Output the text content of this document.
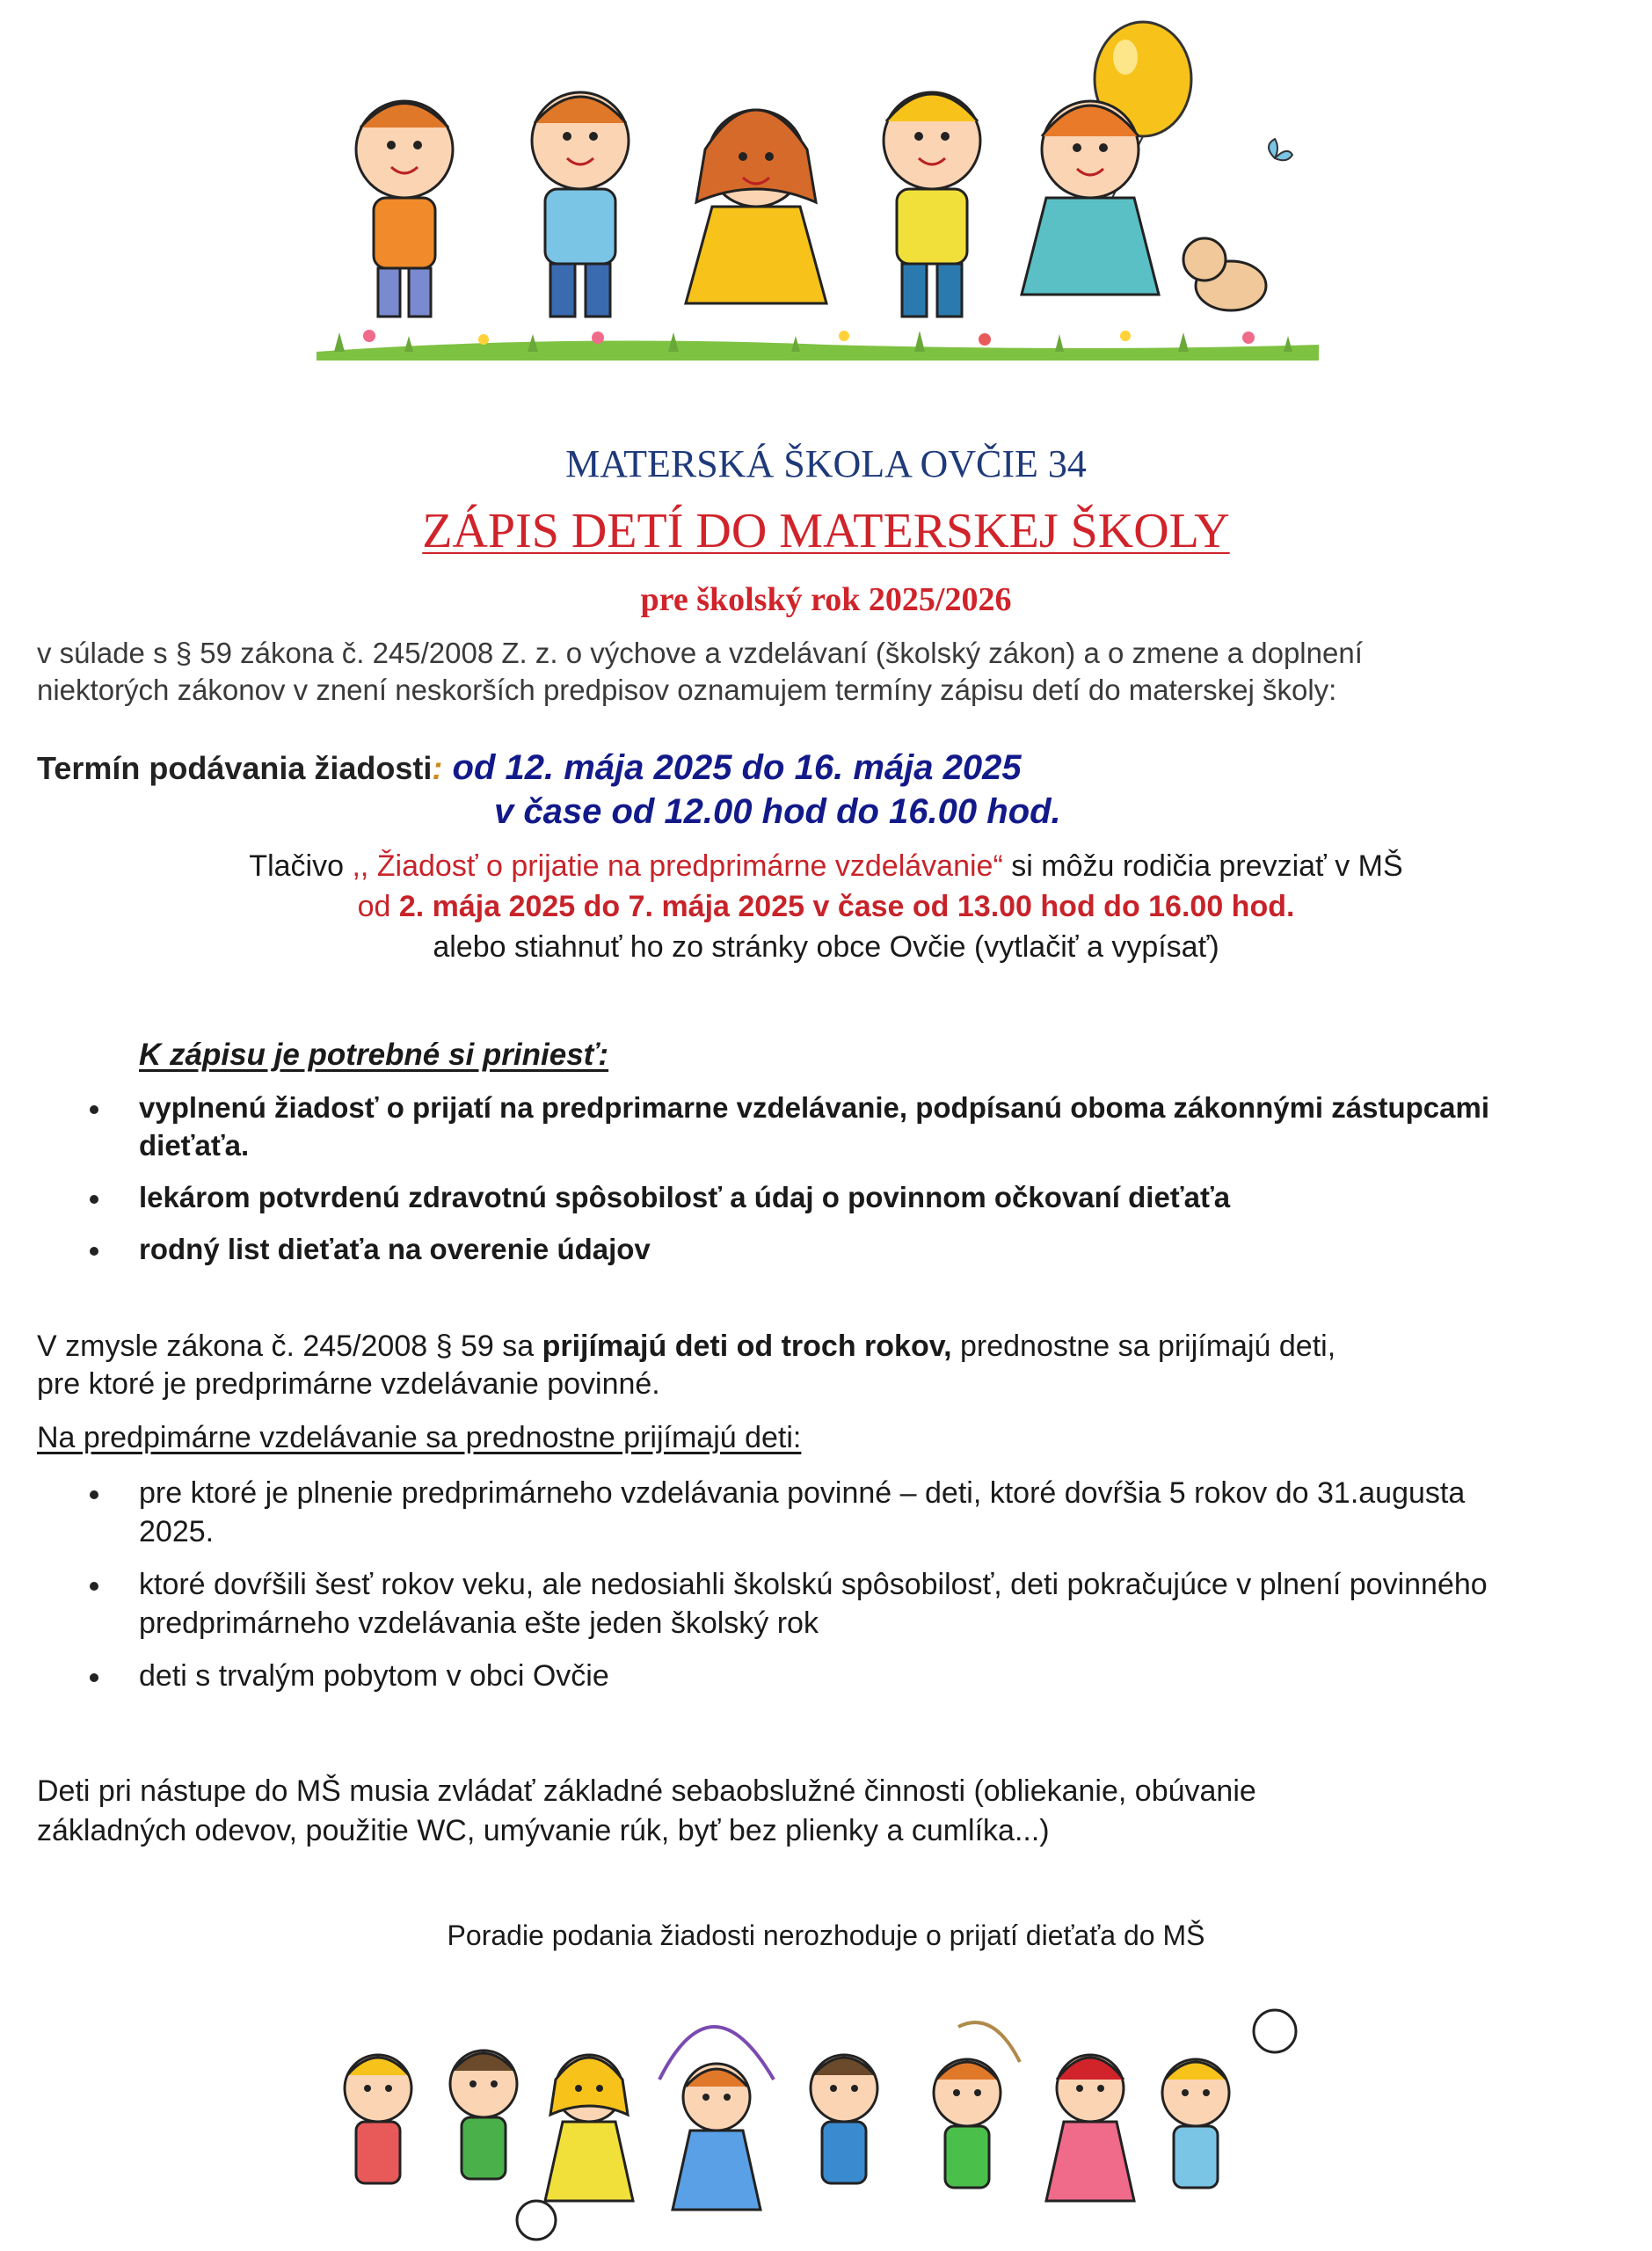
MATERSKÁ ŠKOLA OVČIE 34
ZÁPIS DETÍ DO MATERSKEJ ŠKOLY
pre školský rok 2025/2026
v súlade s § 59 zákona č. 245/2008 Z. z. o výchove a vzdelávaní (školský zákon) a o zmene a doplnení
niektorých zákonov v znení neskorších predpisov oznamujem termíny zápisu detí do materskej školy:
Termín podávania žiadosti: od 12. mája 2025 do 16. mája 2025
v čase od 12.00 hod do 16.00 hod.
Tlačivo ,, Žiadosť o prijatie na predprimárne vzdelávanie“ si môžu rodičia prevziať v MŠ
od 2. mája 2025 do 7. mája 2025 v čase od 13.00 hod do 16.00 hod.
alebo stiahnuť ho zo stránky obce Ovčie (vytlačiť a vypísať)
K zápisu je potrebné si priniesť:
vyplnenú žiadosť o prijatí na predprimarne vzdelávanie, podpísanú oboma zákonnými zástupcami dieťaťa.
lekárom potvrdenú zdravotnú spôsobilosť a údaj o povinnom očkovaní dieťaťa
rodný list dieťaťa na overenie údajov
V zmysle zákona č. 245/2008 § 59 sa prijímajú deti od troch rokov, prednostne sa prijímajú deti,
pre ktoré je predprimárne vzdelávanie povinné.
Na predpimárne vzdelávanie sa prednostne prijímajú deti:
pre ktoré je plnenie predprimárneho vzdelávania povinné – deti, ktoré dovŕšia 5 rokov do 31.augusta 2025.
ktoré dovŕšili šesť rokov veku, ale nedosiahli školskú spôsobilosť, deti pokračujúce v plnení povinného predprimárneho vzdelávania ešte jeden školský rok
deti s trvalým pobytom v obci Ovčie
Deti pri nástupe do MŠ musia zvládať základné sebaobslužné činnosti (obliekanie, obúvanie
základných odevov, použitie WC, umývanie rúk, byť bez plienky a cumlíka...)
Poradie podania žiadosti nerozhoduje o prijatí dieťaťa do MŠ
